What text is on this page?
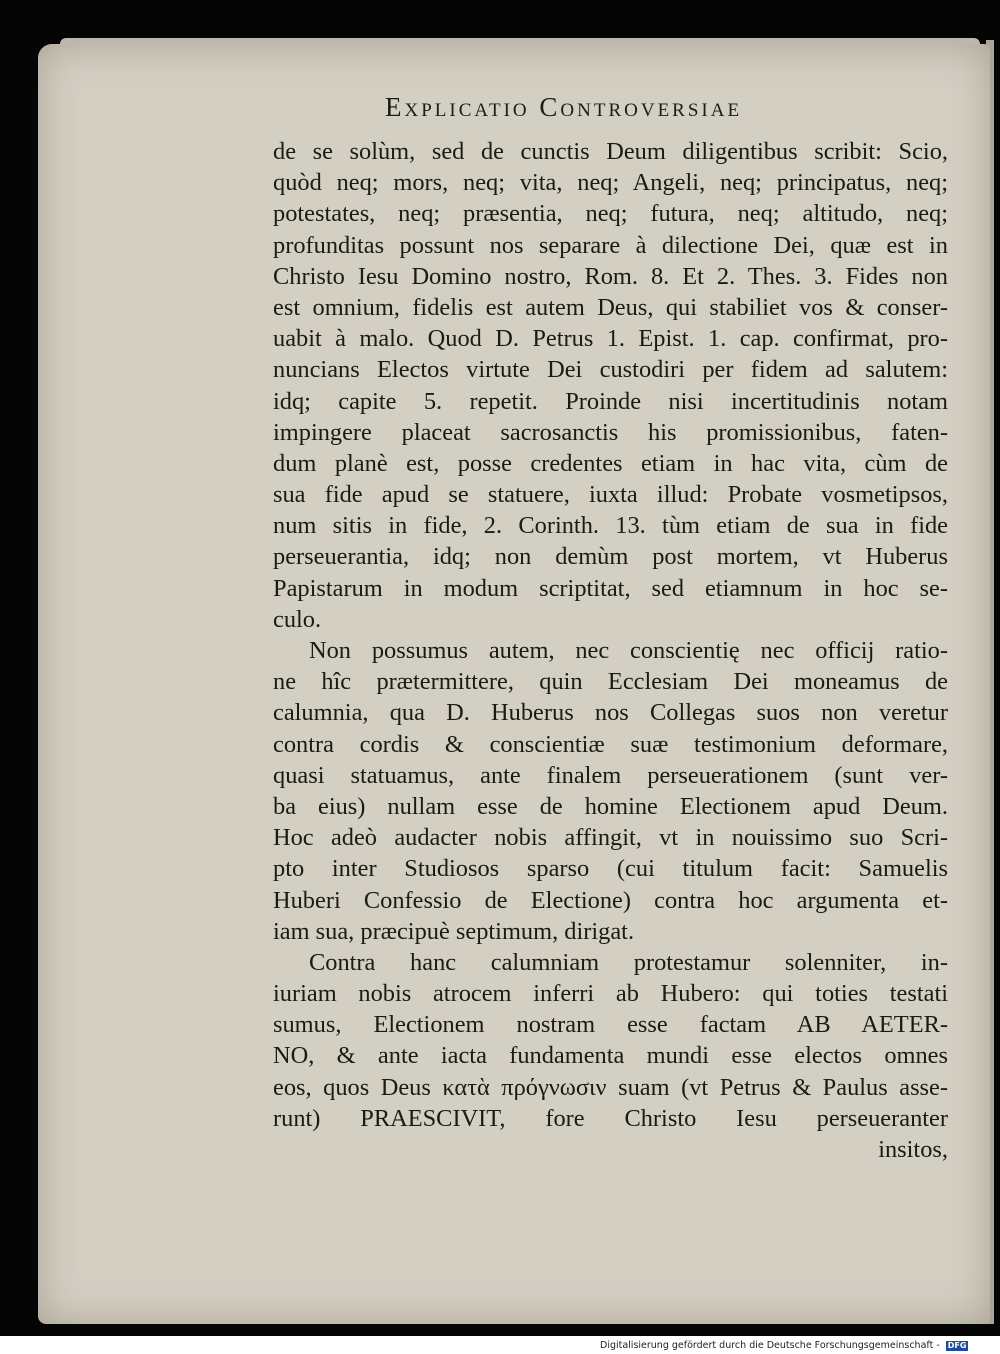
Explicatio Controversiae
de se solùm, sed de cunctis Deum diligentibus scribit: Scio,
quòd neq; mors, neq; vita, neq; Angeli, neq; principatus, neq;
potestates, neq; præsentia, neq; futura, neq; altitudo, neq;
profunditas possunt nos separare à dilectione Dei, quæ est in
Christo Iesu Domino nostro, Rom. 8. Et 2. Thes. 3. Fides non
est omnium, fidelis est autem Deus, qui stabiliet vos & conser-
uabit à malo. Quod D. Petrus 1. Epist. 1. cap. confirmat, pro-
nuncians Electos virtute Dei custodiri per fidem ad salutem:
idq; capite 5. repetit. Proinde nisi incertitudinis notam
impingere placeat sacrosanctis his promissionibus, faten-
dum planè est, posse credentes etiam in hac vita, cùm de
sua fide apud se statuere, iuxta illud: Probate vosmetipsos,
num sitis in fide, 2. Corinth. 13. tùm etiam de sua in fide
perseuerantia, idq; non demùm post mortem, vt Huberus
Papistarum in modum scriptitat, sed etiamnum in hoc se-
culo.
Non possumus autem, nec conscientię nec officij ratio-
ne hîc prætermittere, quin Ecclesiam Dei moneamus de
calumnia, qua D. Huberus nos Collegas suos non veretur
contra cordis & conscientiæ suæ testimonium deformare,
quasi statuamus, ante finalem perseuerationem (sunt ver-
ba eius) nullam esse de homine Electionem apud Deum.
Hoc adeò audacter nobis affingit, vt in nouissimo suo Scri-
pto inter Studiosos sparso (cui titulum facit: Samuelis
Huberi Confessio de Electione) contra hoc argumenta et-
iam sua, præcipuè septimum, dirigat.
Contra hanc calumniam protestamur solenniter, in-
iuriam nobis atrocem inferri ab Hubero: qui toties testati
sumus, Electionem nostram esse factam AB AETER-
NO, & ante iacta fundamenta mundi esse electos omnes
eos, quos Deus κατὰ πρόγνωσιν suam (vt Petrus & Paulus asse-
runt) PRAESCIVIT, fore Christo Iesu perseueranter
insitos,
Digitalisierung gefördert durch die Deutsche Forschungsgemeinschaft - DFG
